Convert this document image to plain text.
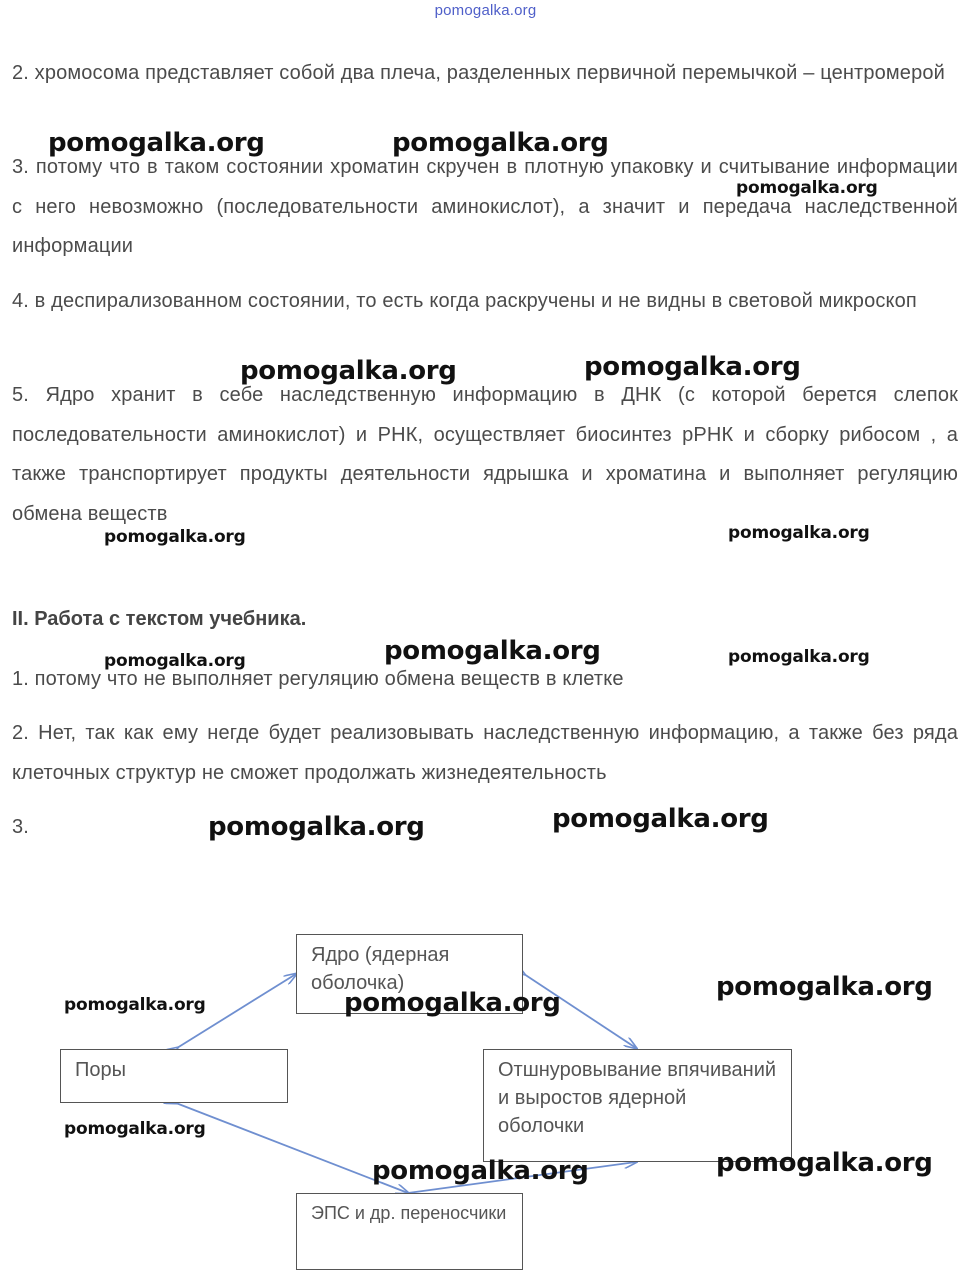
pomogalka.org
2. хромосома представляет собой два плеча, разделенных первичной перемычкой – центромерой
3. потому что в таком состоянии хроматин скручен в плотную упаковку и считывание информации с него невозможно (последовательности аминокислот), а значит и передача наследственной информации
4. в деспирализованном состоянии, то есть когда раскручены и не видны в световой микроскоп
5. Ядро хранит в себе наследственную информацию в ДНК (с которой берется слепок последовательности аминокислот) и РНК, осуществляет биосинтез рРНК и сборку рибосом , а также транспортирует продукты деятельности ядрышка и хроматина и выполняет регуляцию обмена веществ
II. Работа с текстом учебника.
1. потому что не выполняет регуляцию обмена веществ в клетке
2. Нет, так как ему негде будет реализовывать наследственную информацию, а также без ряда клеточных структур не сможет продолжать жизнедеятельность
3.
Ядро (ядерная оболочка)
Поры	Отшнуровывание впячиваний и выростов ядерной оболочки
ЭПС и др. переносчики
pomogalka.org	pomogalka.org
pomogalka.org
pomogalka.org	pomogalka.org
pomogalka.org	pomogalka.org
pomogalka.org	pomogalka.org	pomogalka.org
pomogalka.org	pomogalka.org
pomogalka.org	pomogalka.org
pomogalka.org
pomogalka.org
pomogalka.org	pomogalka.org
